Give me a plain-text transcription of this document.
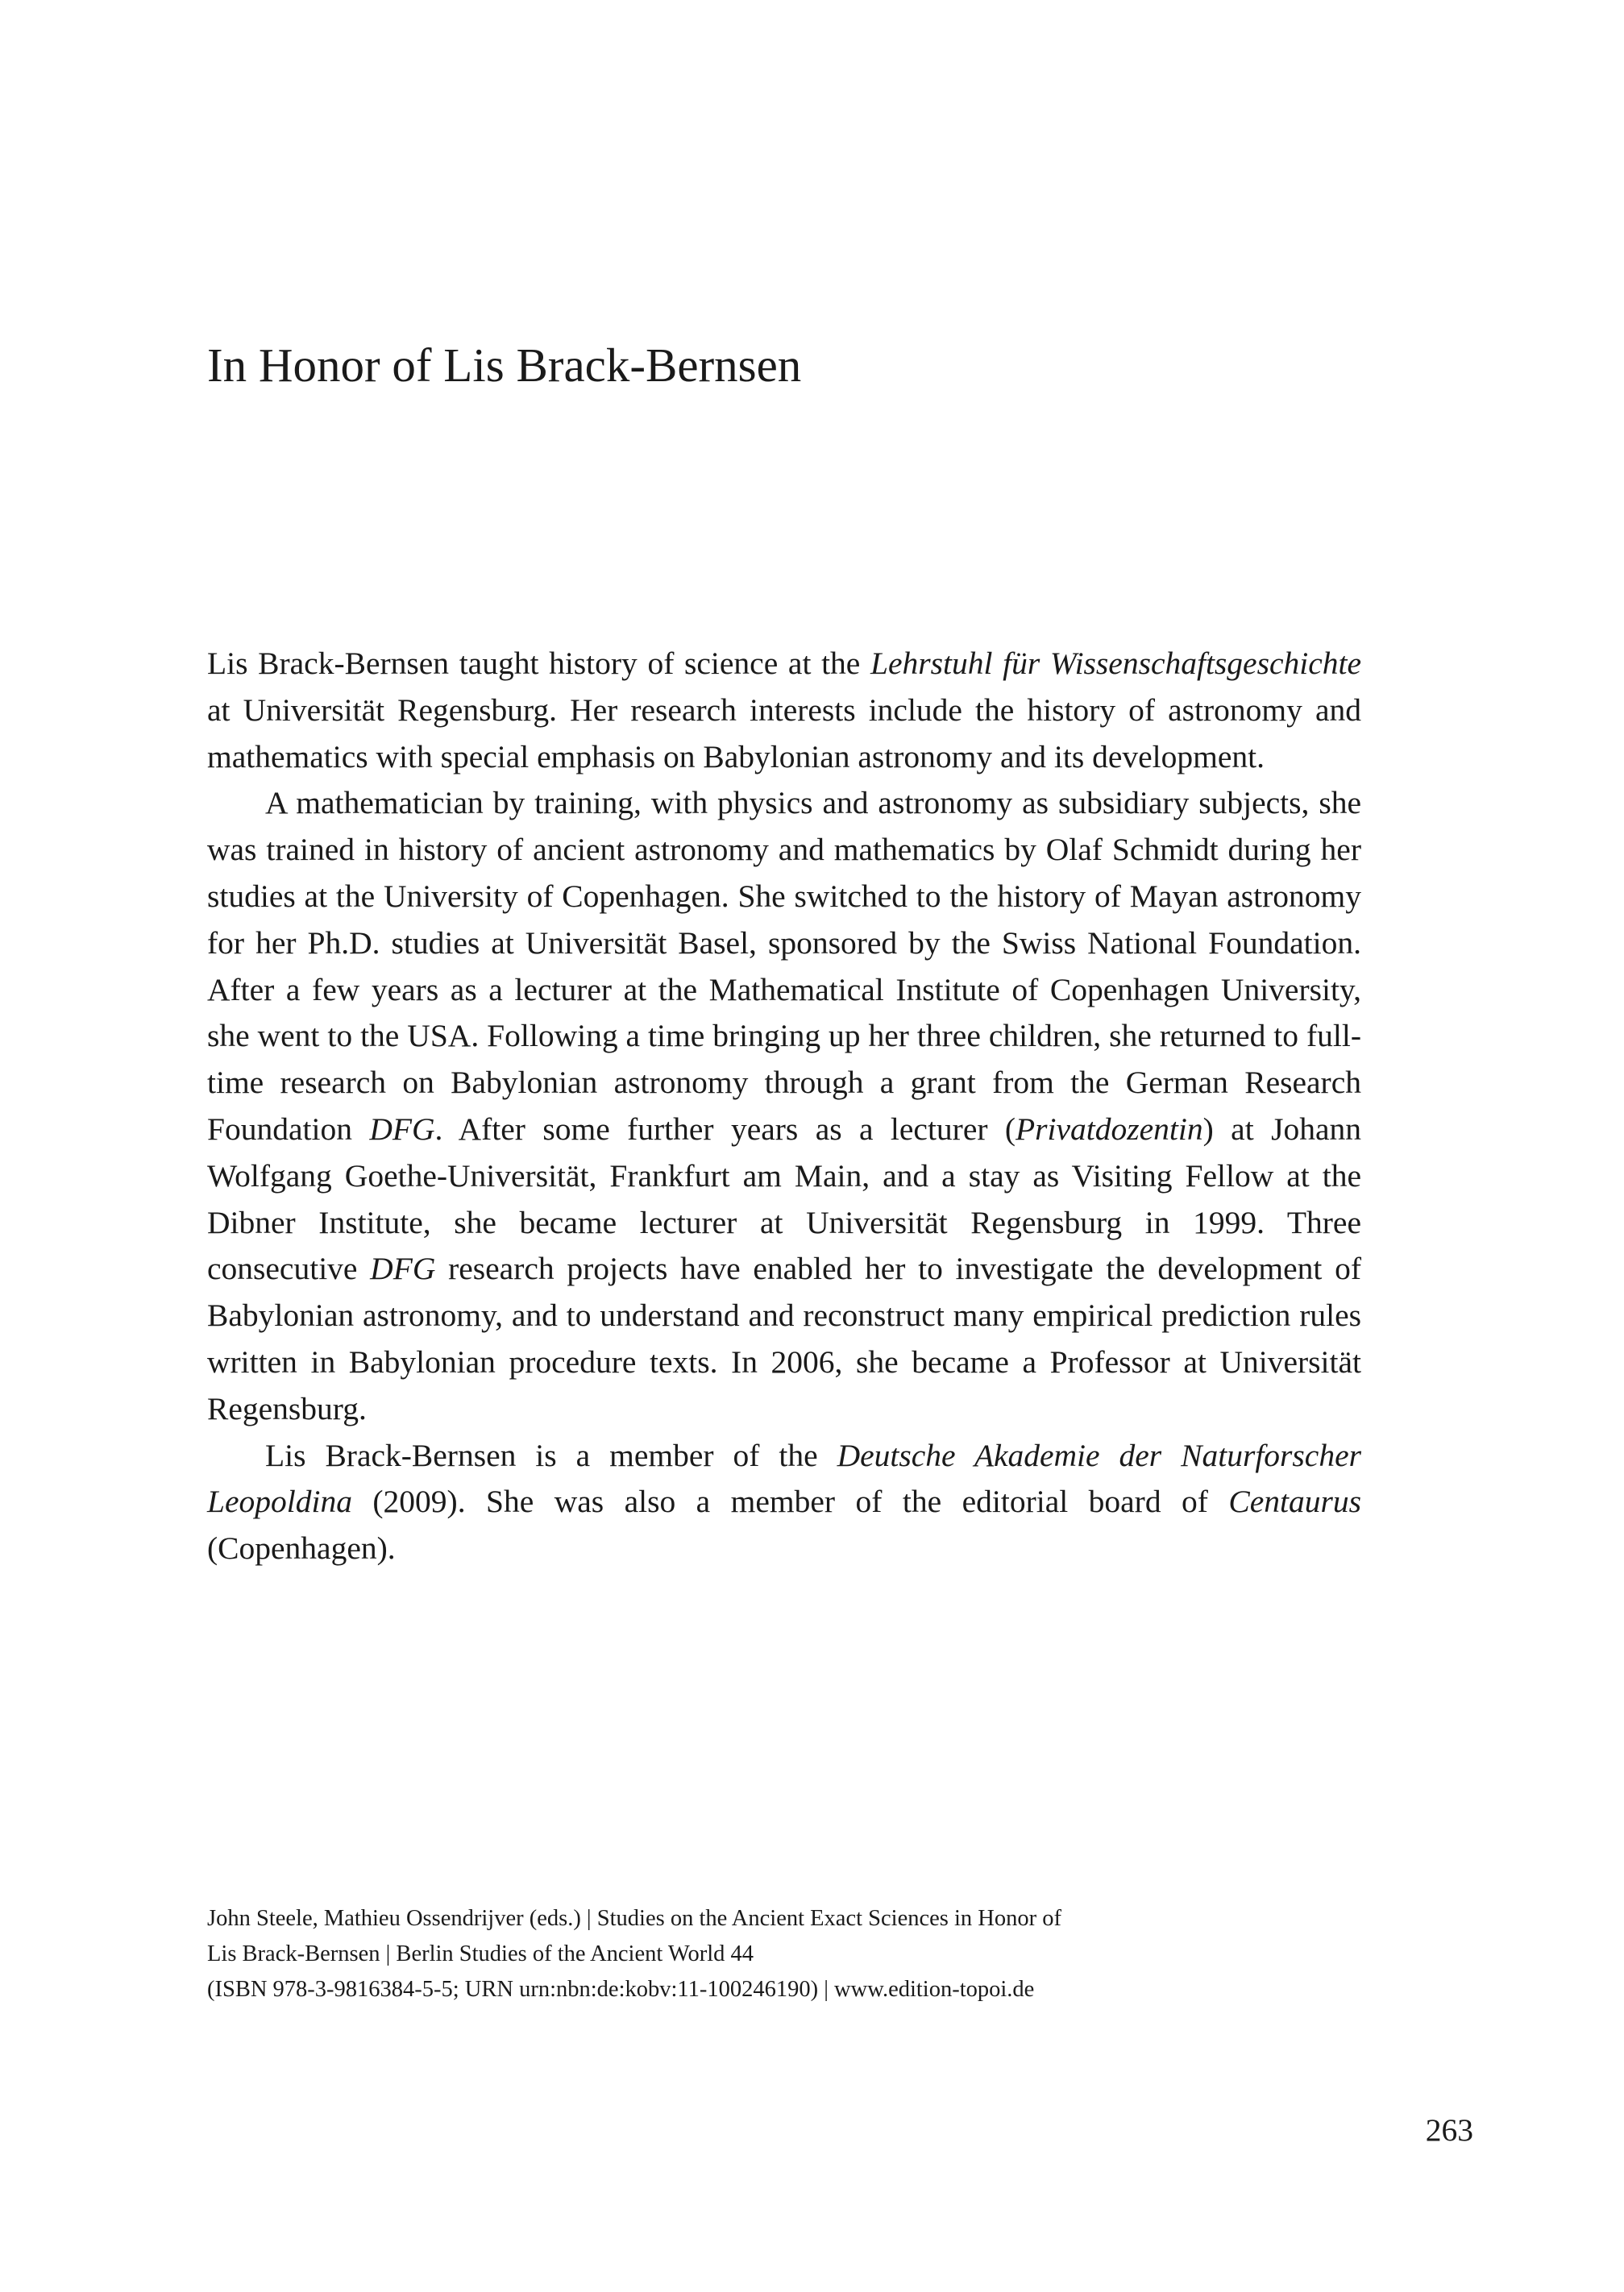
In Honor of Lis Brack-Bernsen

Lis Brack-Bernsen taught history of science at the Lehrstuhl für Wissenschaftsgeschichte at Universität Regensburg. Her research interests include the history of astronomy and mathematics with special emphasis on Babylonian astronomy and its development.

A mathematician by training, with physics and astronomy as subsidiary subjects, she was trained in history of ancient astronomy and mathematics by Olaf Schmidt during her studies at the University of Copenhagen. She switched to the history of Mayan astronomy for her Ph.D. studies at Universität Basel, sponsored by the Swiss National Foundation. After a few years as a lecturer at the Mathematical Institute of Copenhagen University, she went to the USA. Following a time bringing up her three children, she returned to full-time research on Babylonian astronomy through a grant from the German Research Foundation DFG. After some further years as a lecturer (Privatdozentin) at Johann Wolfgang Goethe-Universität, Frankfurt am Main, and a stay as Visiting Fellow at the Dibner Institute, she became lecturer at Universität Regensburg in 1999. Three consecutive DFG research projects have enabled her to investigate the development of Babylonian astronomy, and to understand and reconstruct many empirical prediction rules written in Babylonian procedure texts. In 2006, she became a Professor at Universität Regensburg.

Lis Brack-Bernsen is a member of the Deutsche Akademie der Naturforscher Leopoldina (2009). She was also a member of the editorial board of Centaurus (Copenhagen).

John Steele, Mathieu Ossendrijver (eds.) | Studies on the Ancient Exact Sciences in Honor of
Lis Brack-Bernsen | Berlin Studies of the Ancient World 44
(ISBN 978-3-9816384-5-5; URN urn:nbn:de:kobv:11-100246190) | www.edition-topoi.de
263
